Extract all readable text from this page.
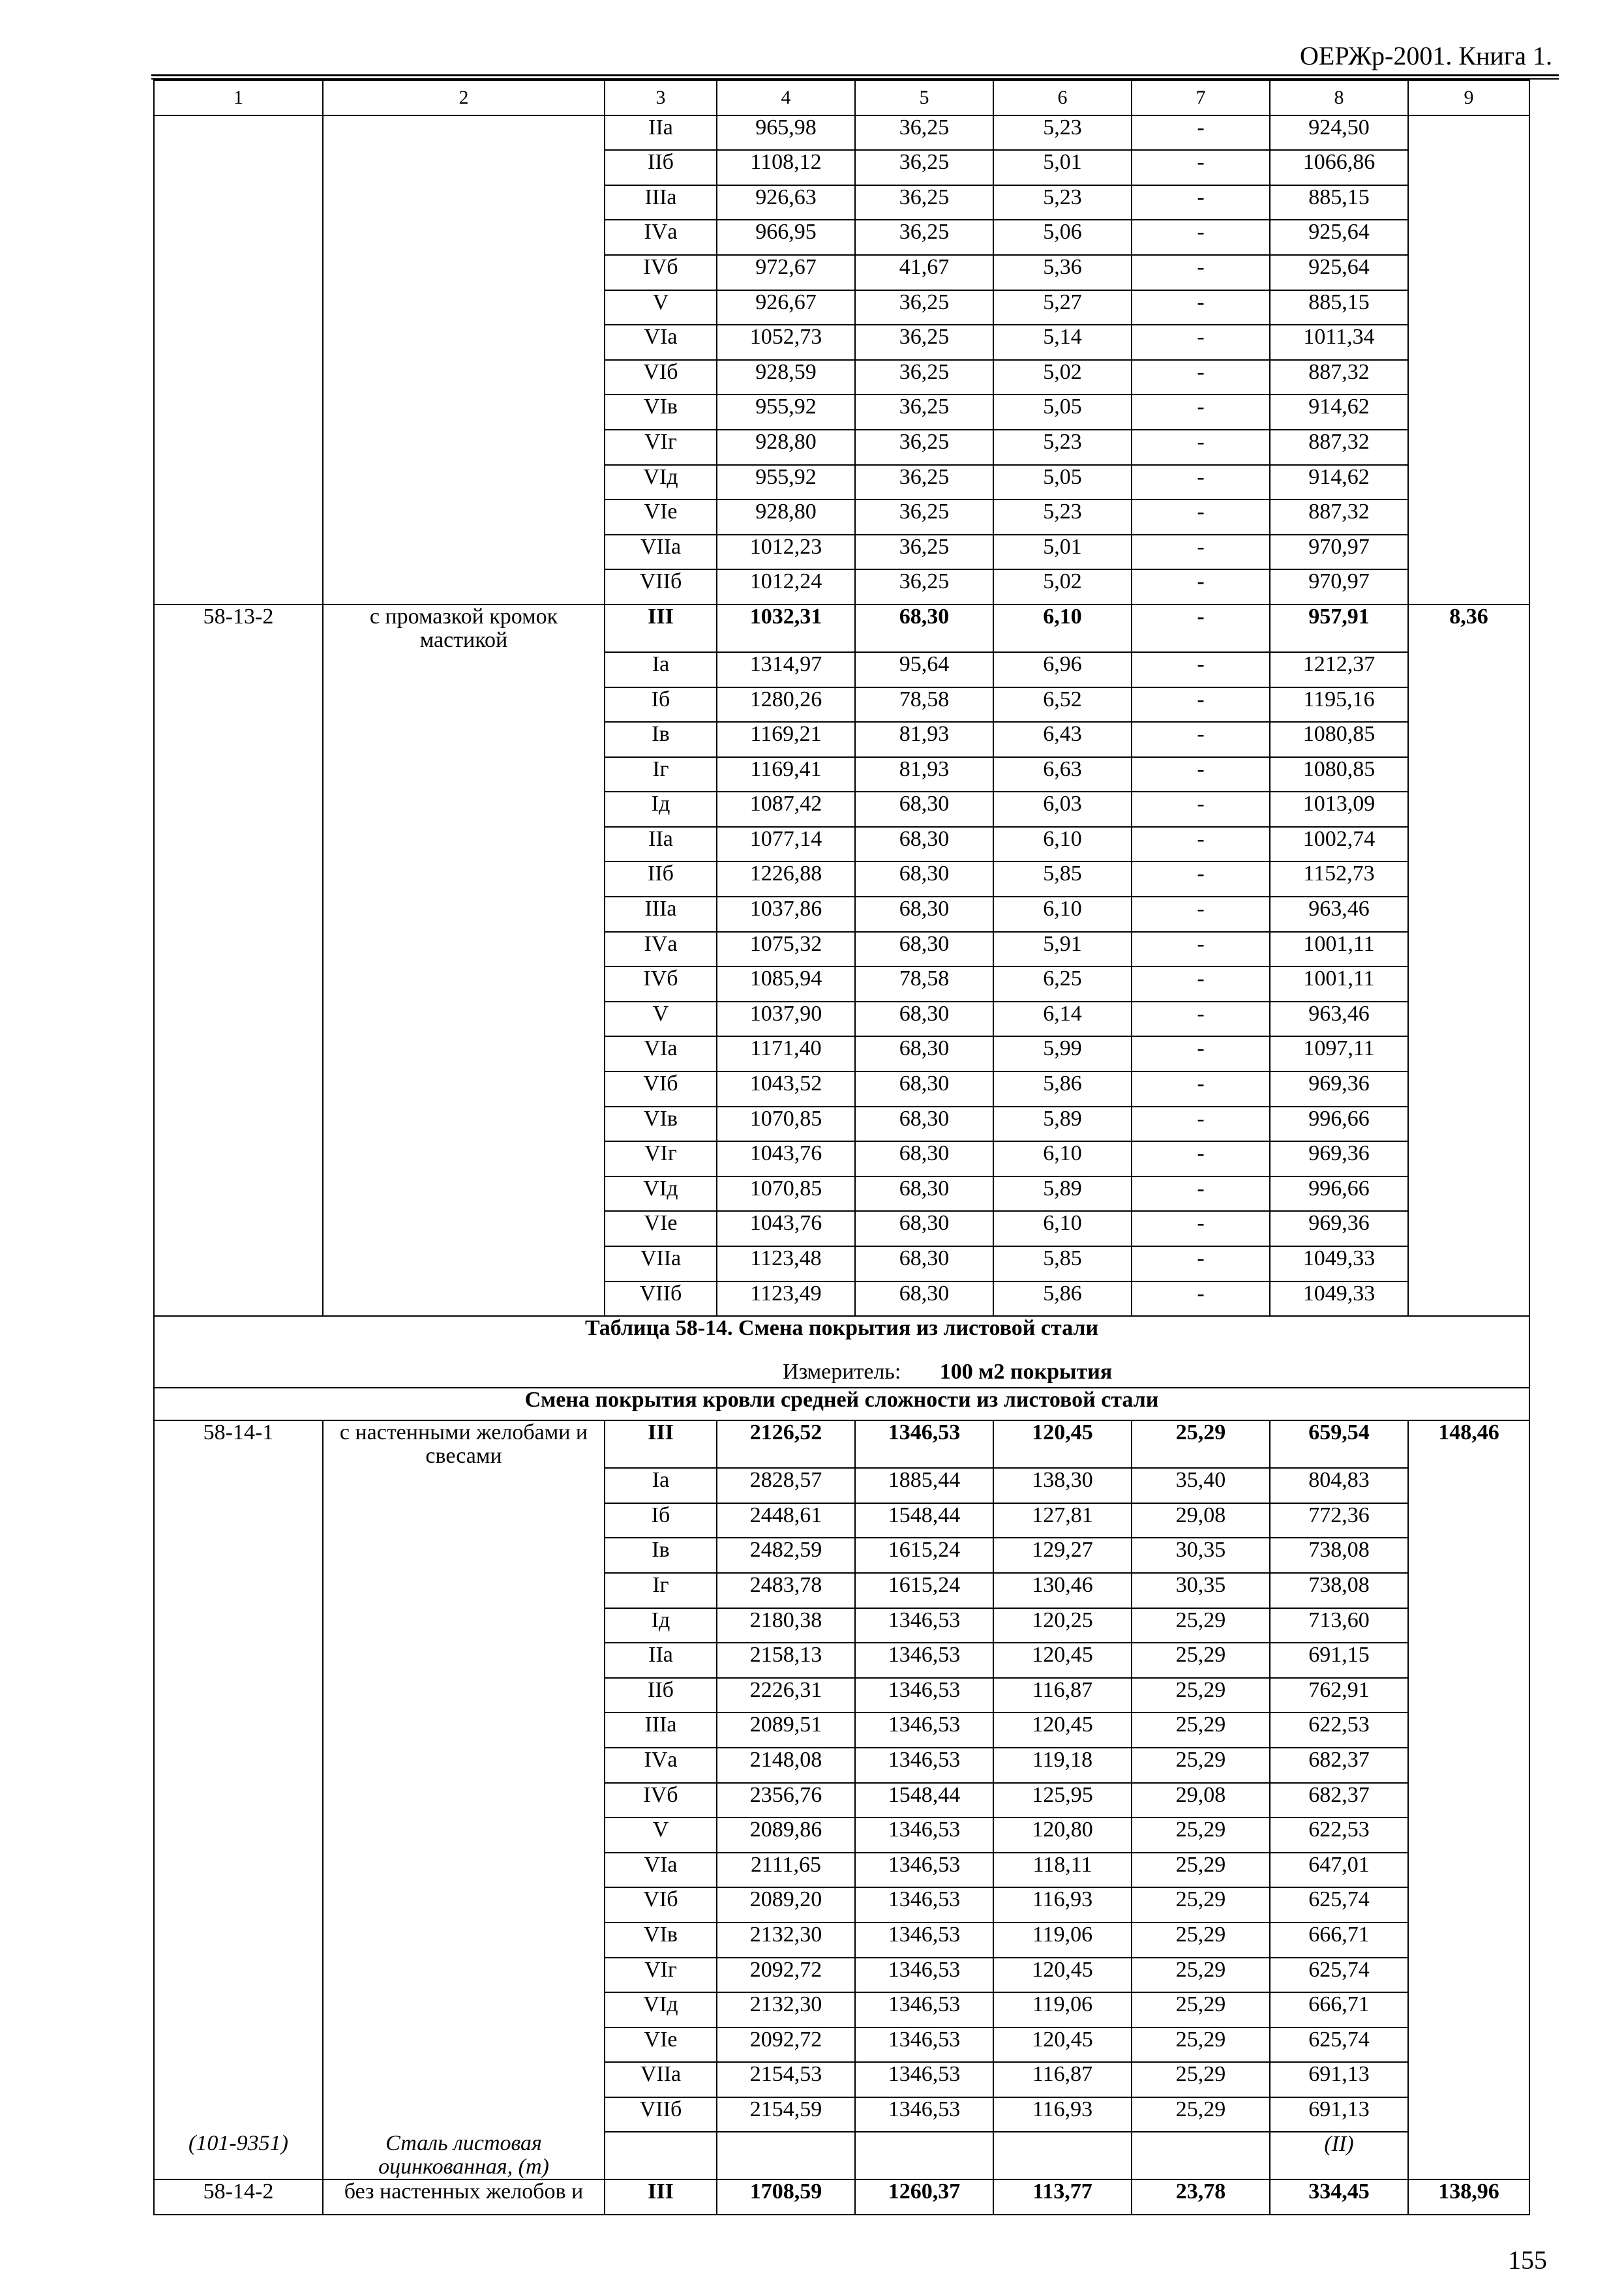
ОЕРЖр-2001. Книга 1.
1	2	3	4	5	6	7	8	9
		IIа	965,98	36,25	5,23	-	924,50	
		IIб	1108,12	36,25	5,01	-	1066,86	
		IIIа	926,63	36,25	5,23	-	885,15	
		IVа	966,95	36,25	5,06	-	925,64	
		IVб	972,67	41,67	5,36	-	925,64	
		V	926,67	36,25	5,27	-	885,15	
		VIа	1052,73	36,25	5,14	-	1011,34	
		VIб	928,59	36,25	5,02	-	887,32	
		VIв	955,92	36,25	5,05	-	914,62	
		VIг	928,80	36,25	5,23	-	887,32	
		VIд	955,92	36,25	5,05	-	914,62	
		VIе	928,80	36,25	5,23	-	887,32	
		VIIа	1012,23	36,25	5,01	-	970,97	
		VIIб	1012,24	36,25	5,02	-	970,97	
58-13-2	с промазкой кромок мастикой	III	1032,31	68,30	6,10	-	957,91	8,36
		Iа	1314,97	95,64	6,96	-	1212,37	
		Iб	1280,26	78,58	6,52	-	1195,16	
		Iв	1169,21	81,93	6,43	-	1080,85	
		Iг	1169,41	81,93	6,63	-	1080,85	
		Iд	1087,42	68,30	6,03	-	1013,09	
		IIа	1077,14	68,30	6,10	-	1002,74	
		IIб	1226,88	68,30	5,85	-	1152,73	
		IIIа	1037,86	68,30	6,10	-	963,46	
		IVа	1075,32	68,30	5,91	-	1001,11	
		IVб	1085,94	78,58	6,25	-	1001,11	
		V	1037,90	68,30	6,14	-	963,46	
		VIа	1171,40	68,30	5,99	-	1097,11	
		VIб	1043,52	68,30	5,86	-	969,36	
		VIв	1070,85	68,30	5,89	-	996,66	
		VIг	1043,76	68,30	6,10	-	969,36	
		VIд	1070,85	68,30	5,89	-	996,66	
		VIе	1043,76	68,30	6,10	-	969,36	
		VIIа	1123,48	68,30	5,85	-	1049,33	
		VIIб	1123,49	68,30	5,86	-	1049,33	
Таблица 58-14. Смена покрытия из листовой стали								
Измеритель: 100 м2 покрытия								
Смена покрытия кровли средней сложности из листовой стали								
58-14-1	с настенными желобами и свесами	III	2126,52	1346,53	120,45	25,29	659,54	148,46
		Iа	2828,57	1885,44	138,30	35,40	804,83	
		Iб	2448,61	1548,44	127,81	29,08	772,36	
		Iв	2482,59	1615,24	129,27	30,35	738,08	
		Iг	2483,78	1615,24	130,46	30,35	738,08	
		Iд	2180,38	1346,53	120,25	25,29	713,60	
		IIа	2158,13	1346,53	120,45	25,29	691,15	
		IIб	2226,31	1346,53	116,87	25,29	762,91	
		IIIа	2089,51	1346,53	120,45	25,29	622,53	
		IVа	2148,08	1346,53	119,18	25,29	682,37	
		IVб	2356,76	1548,44	125,95	29,08	682,37	
		V	2089,86	1346,53	120,80	25,29	622,53	
		VIа	2111,65	1346,53	118,11	25,29	647,01	
		VIб	2089,20	1346,53	116,93	25,29	625,74	
		VIв	2132,30	1346,53	119,06	25,29	666,71	
		VIг	2092,72	1346,53	120,45	25,29	625,74	
		VIд	2132,30	1346,53	119,06	25,29	666,71	
		VIе	2092,72	1346,53	120,45	25,29	625,74	
		VIIа	2154,53	1346,53	116,87	25,29	691,13	
		VIIб	2154,59	1346,53	116,93	25,29	691,13	
(101-9351)	Сталь листовая оцинкованная, (т)						(II)	
58-14-2	без настенных желобов и	III	1708,59	1260,37	113,77	23,78	334,45	138,96
155
